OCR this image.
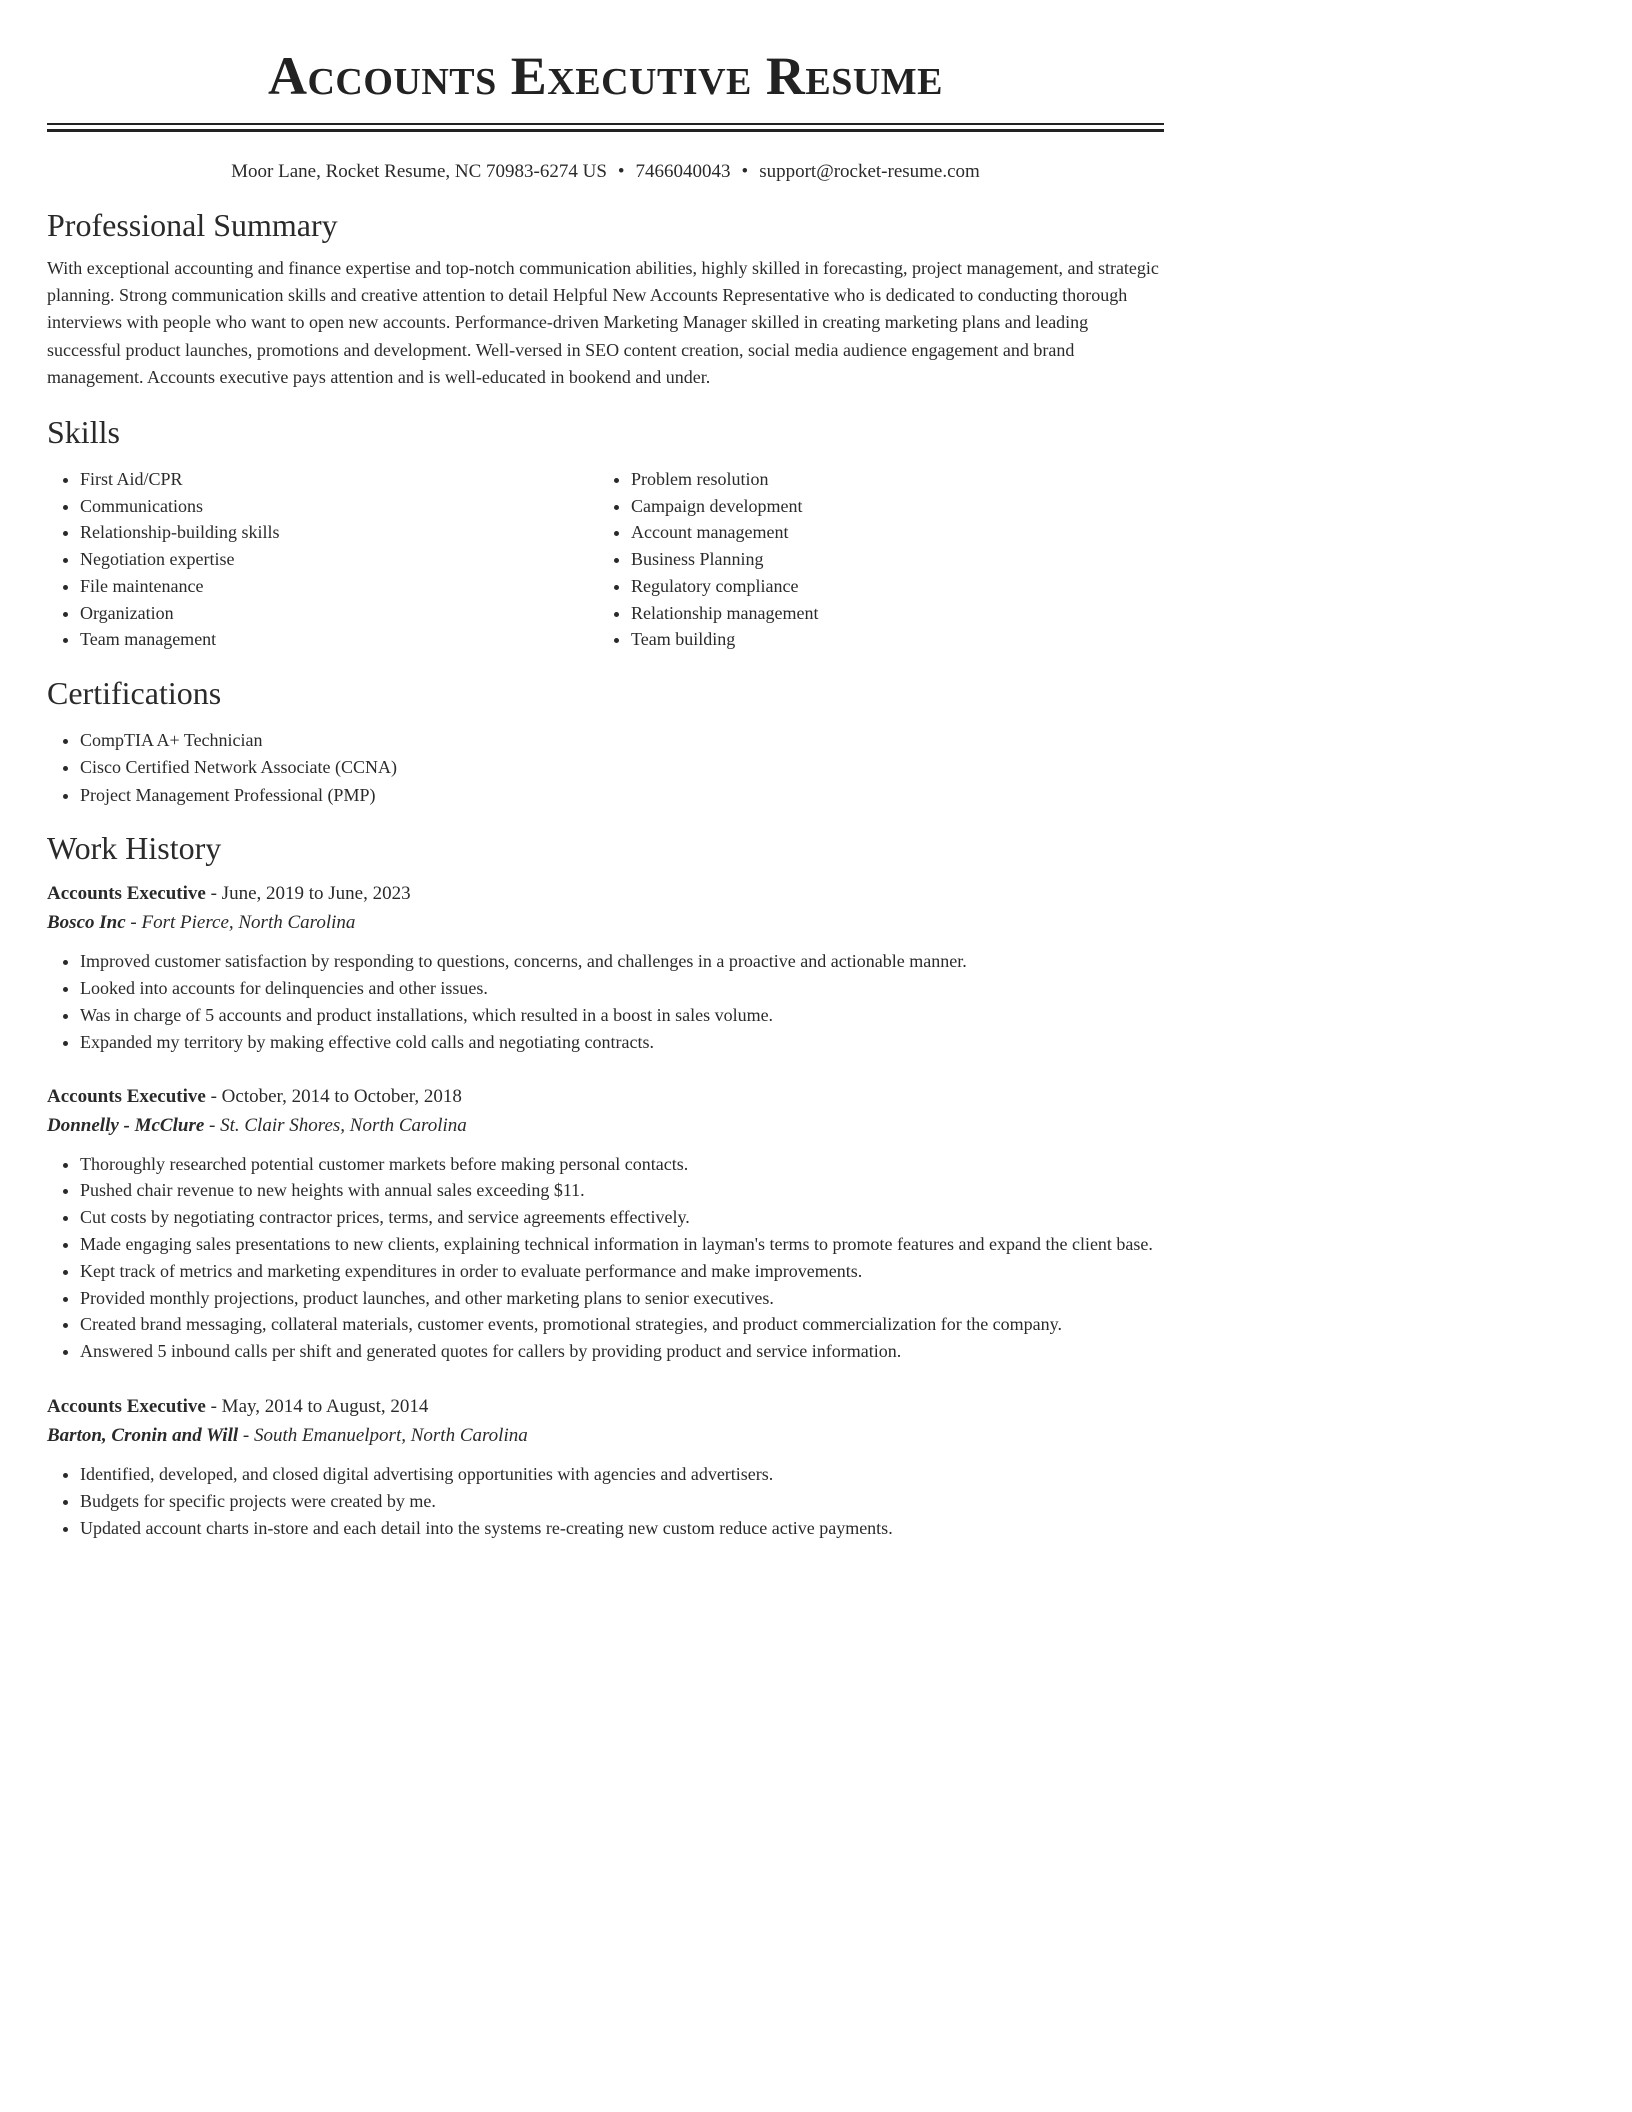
Accounts Executive Resume
Moor Lane, Rocket Resume, NC 70983-6274 US • 7466040043 • support@rocket-resume.com
Professional Summary

With exceptional accounting and finance expertise and top-notch communication abilities, highly skilled in forecasting, project management, and strategic planning. Strong communication skills and creative attention to detail Helpful New Accounts Representative who is dedicated to conducting thorough interviews with people who want to open new accounts. Performance-driven Marketing Manager skilled in creating marketing plans and leading successful product launches, promotions and development. Well-versed in SEO content creation, social media audience engagement and brand management. Accounts executive pays attention and is well-educated in bookend and under.

Skills
• First Aid/CPR
• Communications
• Relationship-building skills
• Negotiation expertise
• File maintenance
• Organization
• Team management
• Problem resolution
• Campaign development
• Account management
• Business Planning
• Regulatory compliance
• Relationship management
• Team building
Certifications
• CompTIA A+ Technician
• Cisco Certified Network Associate (CCNA)
• Project Management Professional (PMP)
Work History
Accounts Executive - June, 2019 to June, 2023
Bosco Inc - Fort Pierce, North Carolina
• Improved customer satisfaction by responding to questions, concerns, and challenges in a proactive and actionable manner.
• Looked into accounts for delinquencies and other issues.
• Was in charge of 5 accounts and product installations, which resulted in a boost in sales volume.
• Expanded my territory by making effective cold calls and negotiating contracts.
Accounts Executive - October, 2014 to October, 2018
Donnelly - McClure - St. Clair Shores, North Carolina
• Thoroughly researched potential customer markets before making personal contacts.
• Pushed chair revenue to new heights with annual sales exceeding $11.
• Cut costs by negotiating contractor prices, terms, and service agreements effectively.
• Made engaging sales presentations to new clients, explaining technical information in layman's terms to promote features and expand the client base.
• Kept track of metrics and marketing expenditures in order to evaluate performance and make improvements.
• Provided monthly projections, product launches, and other marketing plans to senior executives.
• Created brand messaging, collateral materials, customer events, promotional strategies, and product commercialization for the company.
• Answered 5 inbound calls per shift and generated quotes for callers by providing product and service information.
Accounts Executive - May, 2014 to August, 2014
Barton, Cronin and Will - South Emanuelport, North Carolina
• Identified, developed, and closed digital advertising opportunities with agencies and advertisers.
• Budgets for specific projects were created by me.
• Updated account charts in-store and each detail into the systems re-creating new custom reduce active payments.
